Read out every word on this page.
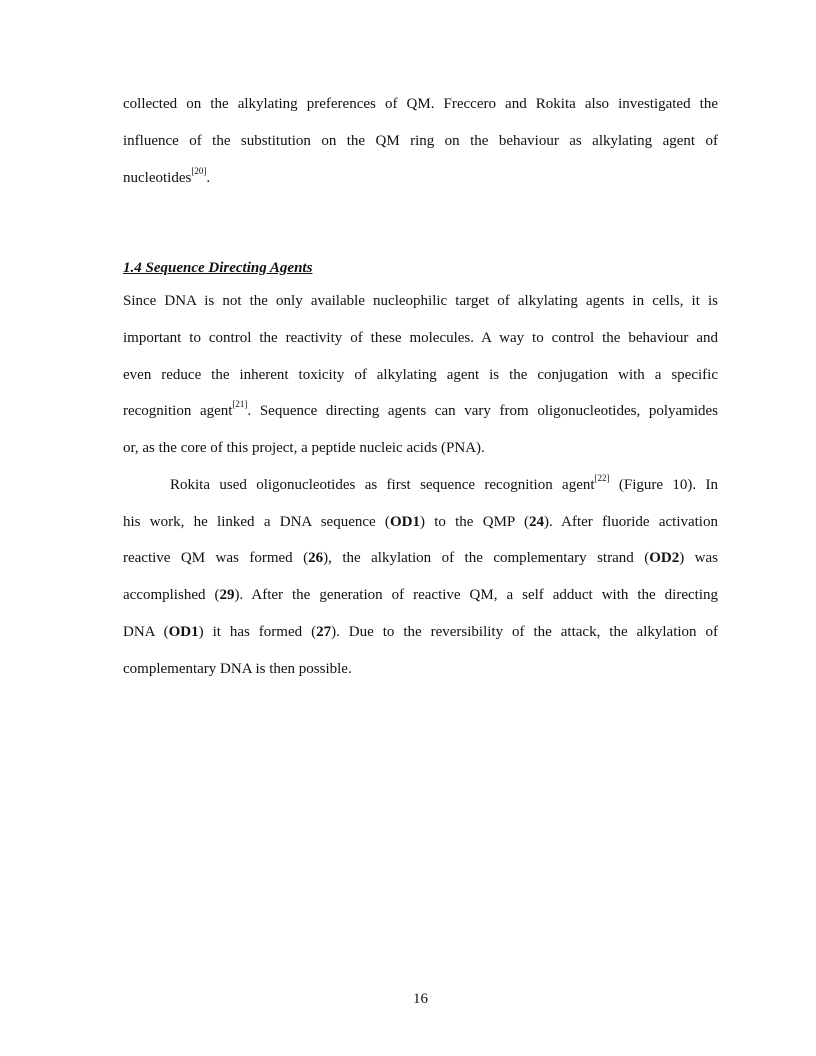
collected on the alkylating preferences of QM. Freccero and Rokita also investigated the

influence of the substitution on the QM ring on the behaviour as alkylating agent of

nucleotides[20].

1.4 Sequence Directing Agents

Since DNA is not the only available nucleophilic target of alkylating agents in cells, it is

important to control the reactivity of these molecules. A way to control the behaviour and

even reduce the inherent toxicity of alkylating agent is the conjugation with a specific

recognition agent[21]. Sequence directing agents can vary from oligonucleotides, polyamides

or, as the core of this project, a peptide nucleic acids (PNA).

Rokita used oligonucleotides as first sequence recognition agent[22] (Figure 10). In

his work, he linked a DNA sequence (OD1) to the QMP (24). After fluoride activation

reactive QM was formed (26), the alkylation of the complementary strand (OD2) was

accomplished (29). After the generation of reactive QM, a self adduct with the directing

DNA (OD1) it has formed (27). Due to the reversibility of the attack, the alkylation of

complementary DNA is then possible.

16
